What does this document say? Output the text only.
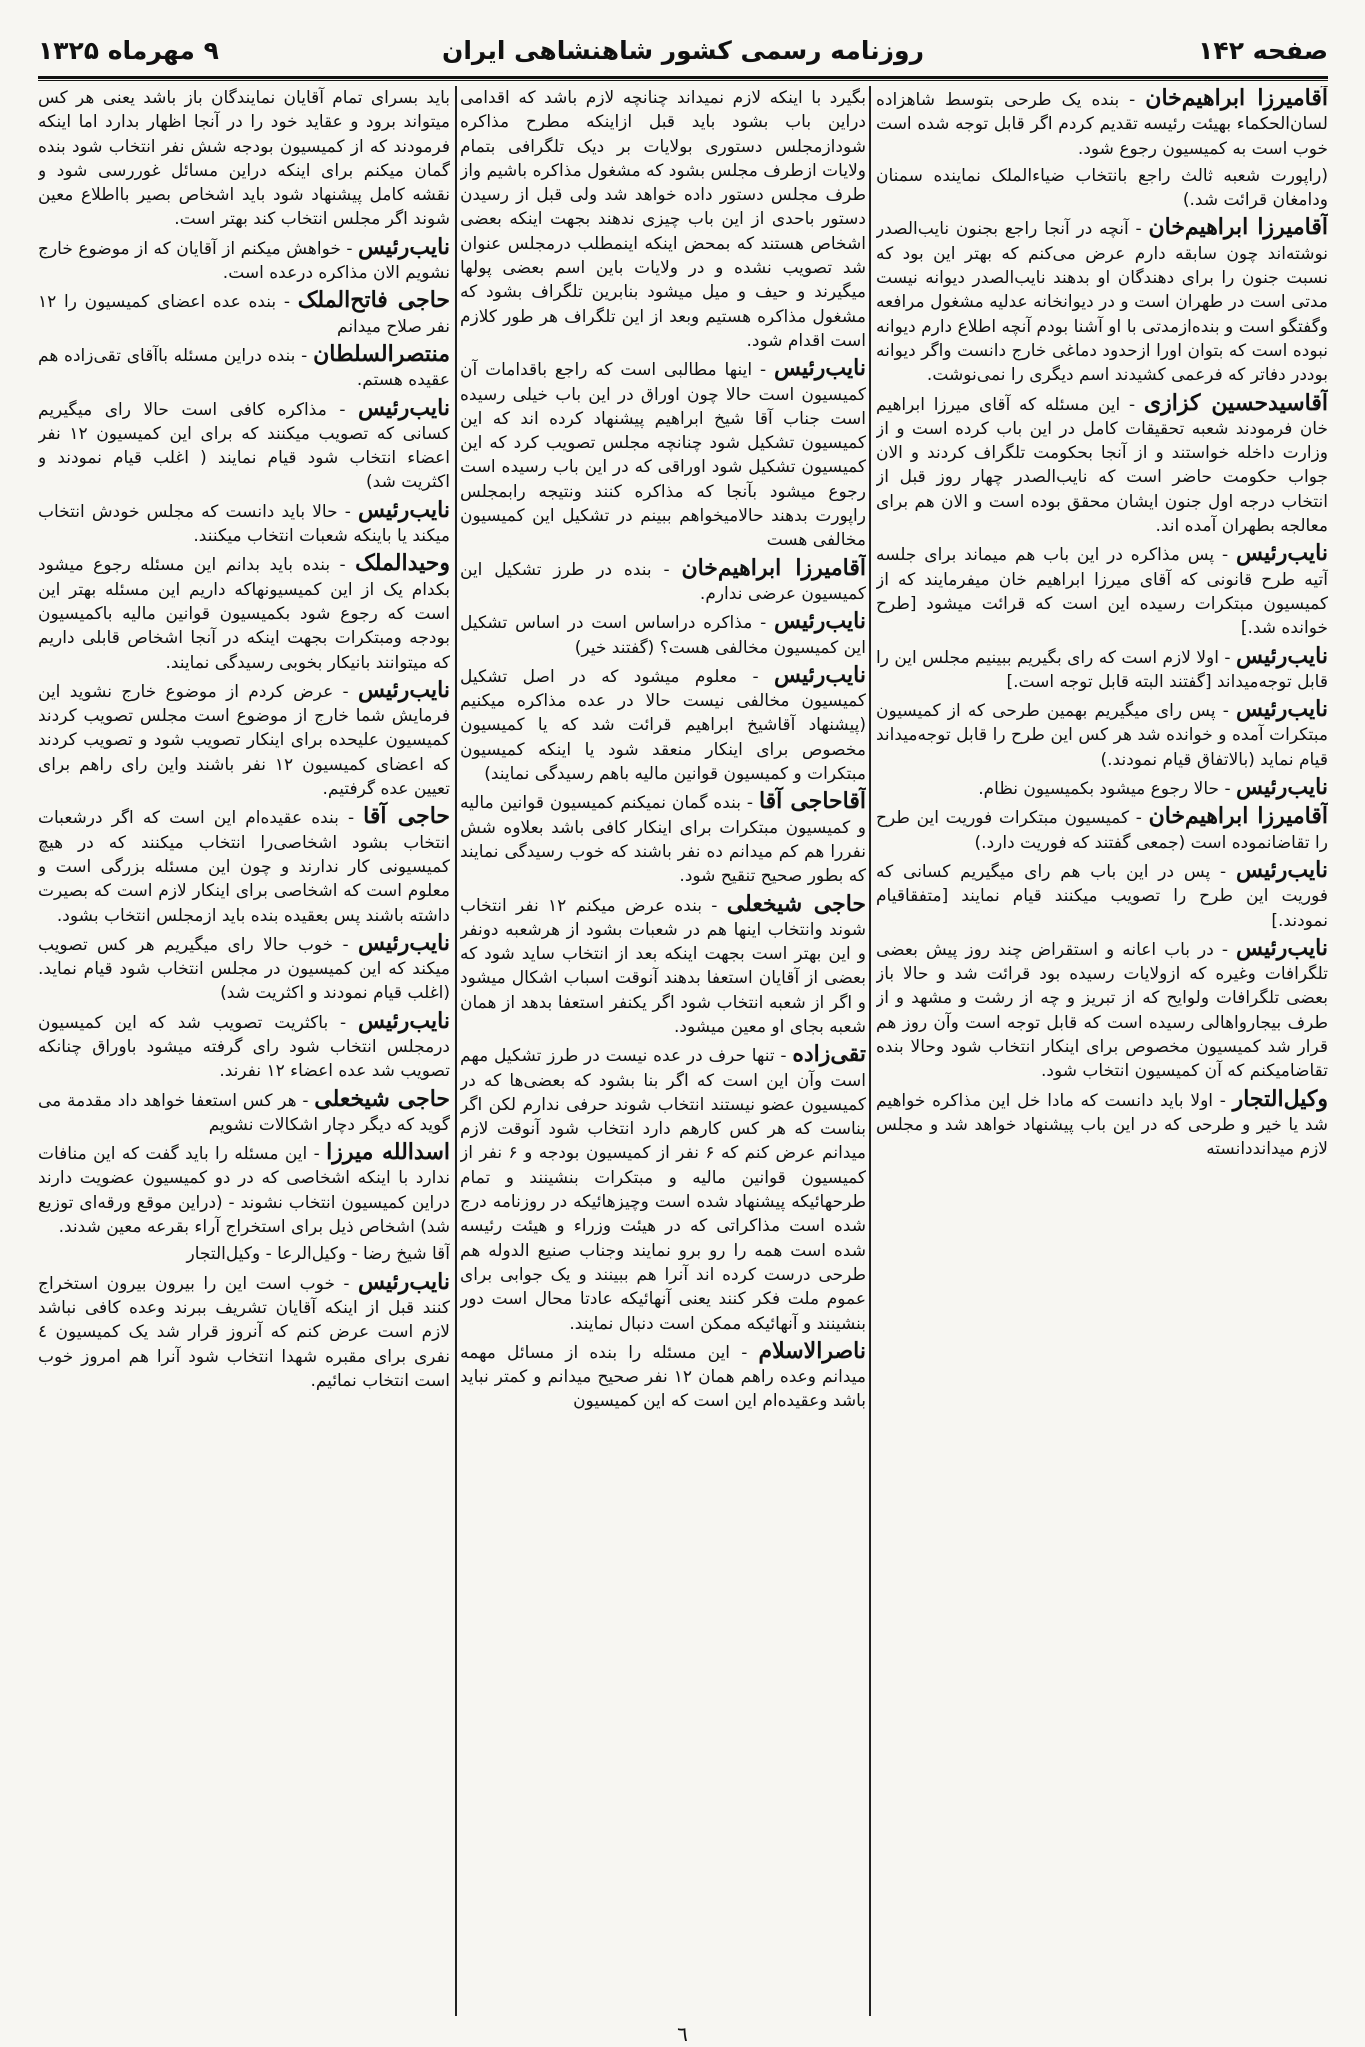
۹ مهرماه ۱۳۲۵	روزنامه رسمی کشور شاهنشاهی ایران	صفحه ۱۴۲

آقامیرزا ابراهیم‌خان - بنده یک طرحی بتوسط شاهزاده‌ لسان‌الحکماء بهیئت رئیسه تقدیم کردم اگر قابل توجه شده است خوب است به کمیسیون رجوع شود.

(راپورت شعبه ثالث راجع بانتخاب ضیاءالملک نماینده سمنان ودامغان قرائت شد.)

آقامیرزا ابراهیم‌خان - آنچه در آنجا راجع بجنون نایب‌الصدر نوشته‌اند چون سابقه دارم عرض می‌کنم که بهتر این بود که نسبت جنون را برای دهندگان او بدهند نایب‌الصدر دیوانه نیست مدتی است در طهران است و در دیوانخانه عدلیه مشغول مرافعه وگفتگو است و بنده‌ازمدتی با او آشنا بودم آنچه اطلاع دارم دیوانه نبوده است که بتوان اورا ازحدود دماغی خارج دانست واگر دیوانه بوددر دفاتر که فرعمی کشیدند اسم دیگری را نمی‌نوشت.

آقاسیدحسین کزازی - این مسئله که آقای میرزا ابراهیم خان فرمودند شعبه تحقیقات کامل در این باب کرده است و از وزارت داخله خواستند و از آنجا بحکومت تلگراف کردند و الان جواب حکومت حاضر است که نایب‌الصدر چهار روز قبل از انتخاب درجه اول جنون ایشان محقق بوده است و الان هم برای معالجه بطهران آمده اند.

نایب‌رئیس - پس مذاکره در این باب هم میماند برای جلسه آتیه طرح قانونی که آقای میرزا ابراهیم خان میفرمایند که از کمیسیون مبتکرات رسیده این است که قرائت میشود [طرح خوانده شد.]

نایب‌رئیس - اولا لازم است که رای بگیریم ببینیم مجلس این را قابل توجه‌میداند [گفتند البته قابل توجه است.]

نایب‌رئیس - پس رای میگیریم بهمین طرحی که از کمیسیون مبتکرات آمده و خوانده شد هر کس این طرح را قابل توجه‌میداند قیام نماید (بالاتفاق قیام نمودند.)

نایب‌رئیس - حالا رجوع میشود بکمیسیون نظام.

آقامیرزا ابراهیم‌خان - کمیسیون مبتکرات فوریت این طرح را تقاضانموده است (جمعی گفتند که فوریت دارد.)

نایب‌رئیس - پس در این باب هم رای میگیریم کسانی که فوریت این طرح را تصویب میکنند قیام نمایند [متفقاقیام نمودند.]

نایب‌رئیس - در باب اعانه و استقراض چند روز پیش بعضی تلگرافات وغیره که ازولایات رسیده بود قرائت شد و حالا باز بعضی تلگرافات ولوایح که از تبریز و چه از رشت و مشهد و از طرف بیجارواهالی رسیده است که قابل توجه است وآن روز هم قرار شد کمیسیون مخصوص برای اینکار انتخاب شود وحالا بنده تقاضامیکنم که آن کمیسیون انتخاب شود.

وکیل‌التجار - اولا باید دانست که مادا خل این مذاکره خواهیم شد یا خیر و طرحی که در این باب پیشنهاد خواهد شد و مجلس لازم میداند‌دانسته

بگیرد با اینکه لازم نمیداند چنانچه لازم باشد که اقدامی دراین باب بشود باید قبل ازاینکه مطرح مذاکره شود‌ازمجلس دستوری بولایات بر دیک تلگرافی بتمام ولایات ازطرف مجلس بشود که مشغول مذاکره‌ باشیم واز طرف مجلس دستور داده خواهد شد ولی قبل از رسیدن دستور باحدی از این باب چیزی ندهند بجهت اینکه بعضی اشخاص هستند که بمحض اینکه اینمطلب درمجلس عنوان شد تصویب نشده و در ولایات باین اسم بعضی پولها میگیرند و حیف و میل میشود بنابرین تلگراف بشود که مشغول مذاکره هستیم وبعد از این تلگراف هر طور کلازم است اقدام شود.

نایب‌رئیس - اینها مطالبی است که راجع باقدامات آن کمیسیون است حالا چون اوراق در این باب خیلی رسیده است جناب آقا شیخ ابراهیم پیشنهاد کرده اند که این کمیسیون تشکیل شود چنانچه مجلس تصویب کرد که این کمیسیون تشکیل شود اوراقی که در این باب رسیده است رجوع میشود بآنجا که مذاکره کنند ونتیجه رابمجلس راپورت بدهند حالامیخواهم ببینم در تشکیل این کمیسیون مخالفی هست

آقامیرزا ابراهیم‌خان - بنده در طرز تشکیل این کمیسیون عرضی ندارم.

نایب‌رئیس - مذاکره دراساس است در اساس تشکیل این کمیسیون مخالفی هست؟ (گفتند خیر)

نایب‌رئیس - معلوم میشود که در اصل تشکیل کمیسیون مخالفی نیست حالا در عده مذاکره میکنیم (پیشنهاد آقاشیخ ابراهیم قرائت شد که یا کمیسیون مخصوص برای اینکار منعقد شود یا اینکه کمیسیون مبتکرات و کمیسیون قوانین مالیه‌ باهم‌ رسیدگی نمایند)

آقاحاجی آقا - بنده گمان نمیکنم کمیسیون قوانین مالیه و کمیسیون مبتکرات برای اینکار کافی باشد بعلاوه شش نفررا هم کم میدانم ده نفر باشند که خوب رسیدگی نمایند که بطور صحیح تنقیح شود.

حاجی شیخعلی - بنده عرض میکنم ۱۲ نفر انتخاب شوند وانتخاب اینها هم در شعبات بشود از هرشعبه دونفر و این بهتر است بجهت اینکه بعد از انتخاب ساید شود که بعضی از آقایان استعفا بدهند آنوقت اسباب اشکال میشود و اگر از شعبه انتخاب شود اگر یکنفر استعفا بدهد از همان شعبه بجای او معین میشود.

تقی‌زاده - تنها حرف در عده نیست در طرز تشکیل مهم است وآن این است که اگر بنا بشود که بعضی‌ها که در کمیسیون عضو نیستند انتخاب شوند حرفی ندارم لکن اگر بناست که هر کس کارهم دارد انتخاب شود آنوقت لازم میدانم عرض کنم که ۶ نفر از کمیسیون بودجه و ۶ نفر از کمیسیون قوانین مالیه و مبتکرات بنشینند و تمام طرحهائیکه پیشنهاد شده است وچیزهائیکه در روزنامه درج شده است مذاکراتی که در هیئت وزراء و هیئت رئیسه شده است همه را رو برو نمایند وجناب صنیع الدوله هم طرحی درست کرده اند آنرا هم ببینند و یک جوابی برای عموم ملت فکر کنند یعنی آنهائیکه عادتا محال است دور بنشینند و آنهائیکه ممکن است دنبال نمایند.

ناصرالاسلام - این مسئله را بنده از مسائل مهمه میدانم وعده راهم همان ۱۲ نفر صحیح میدانم و کمتر نباید باشد وعقیده‌ام این است که این کمیسیون

باید بسرای تمام آقایان نمایندگان باز باشد یعنی هر کس میتواند برود و عقاید خود را در آنجا اظهار بدارد اما اینکه فرمودند که از کمیسیون بودجه شش نفر انتخاب شود بنده گمان میکنم برای اینکه دراین مسائل غوررسی شود و نقشه کامل پیشنهاد شود باید اشخاص بصیر بااطلاع معین شوند اگر مجلس انتخاب کند بهتر است.

نایب‌رئیس - خواهش میکنم از آقایان که از موضوع خارج نشویم الان مذاکره درعده است.

حاجی فاتح‌الملک - بنده عده اعضای کمیسیون را ۱۲ نفر صلاح میدانم

منتصرالسلطان - بنده دراین مسئله باآقای تقی‌زاده هم عقیده هستم.

نایب‌رئیس - مذاکره کافی است حالا رای میگیریم کسانی که تصویب میکنند که برای این کمیسیون ۱۲ نفر اعضاء انتخاب شود قیام نمایند ( اغلب قیام نمودند و اکثریت شد)

نایب‌رئیس - حالا باید دانست که مجلس خودش انتخاب میکند یا باینکه شعبات انتخاب میکنند.

وحیدالملک - بنده باید بدانم این مسئله رجوع میشود بکدام یک از این کمیسیونهاکه داریم این مسئله بهتر این است که رجوع شود بکمیسیون قوانین مالیه باکمیسیون بودجه ومبتکرات بجهت اینکه در آنجا اشخاص قابلی داریم که میتوانند بانیکار بخوبی رسیدگی نمایند.

نایب‌رئیس - عرض کردم از موضوع خارج نشوید این فرمایش شما خارج از موضوع است مجلس تصویب کردند کمیسیون علیحده برای اینکار تصویب شود و تصویب کردند که اعضای کمیسیون ۱۲ نفر باشند واین رای راهم برای تعیین عده گرفتیم.

حاجی آقا - بنده عقیده‌ام این است که اگر درشعبات انتخاب بشود اشخاصی‌را انتخاب میکنند که در هیچ کمیسیونی کار ندارند و چون این مسئله بزرگی است و معلوم است که اشخاصی برای اینکار لازم است که بصیرت داشته باشند پس بعقیده بنده باید ازمجلس انتخاب بشود.

نایب‌رئیس - خوب حالا رای میگیریم هر کس تصویب میکند که این کمیسیون در مجلس انتخاب شود قیام نماید. (اغلب قیام نمودند و اکثریت شد)

نایب‌رئیس - باکثریت تصویب شد که این کمیسیون درمجلس انتخاب شود رای گرفته میشود باوراق چنانکه تصویب شد عده اعضاء ۱۲ نفرند.

حاجی شیخعلی - هر کس استعفا خواهد داد مقدمة می گوید که دیگر دچار اشکالات نشویم

اسدالله میرزا - این مسئله را باید گفت که این منافات ندارد با اینکه اشخاصی که در دو کمیسیون عضویت دارند دراین کمیسیون انتخاب نشوند - (دراین موقع ورقه‌ای توزیع شد) اشخاص ذیل برای استخراج آراء بقرعه معین شدند.

آقا شیخ رضا - وکیل‌الرعا - وکیل‌التجار

نایب‌رئیس - خوب است این را بیرون بیرون استخراج کنند قبل از اینکه آقایان تشریف ببرند وعده کافی نباشد لازم است عرض کنم که آنروز قرار شد یک کمیسیون ٤ نفری برای مقبره شهدا انتخاب شود آنرا هم امروز خوب است انتخاب نمائیم.

٦
